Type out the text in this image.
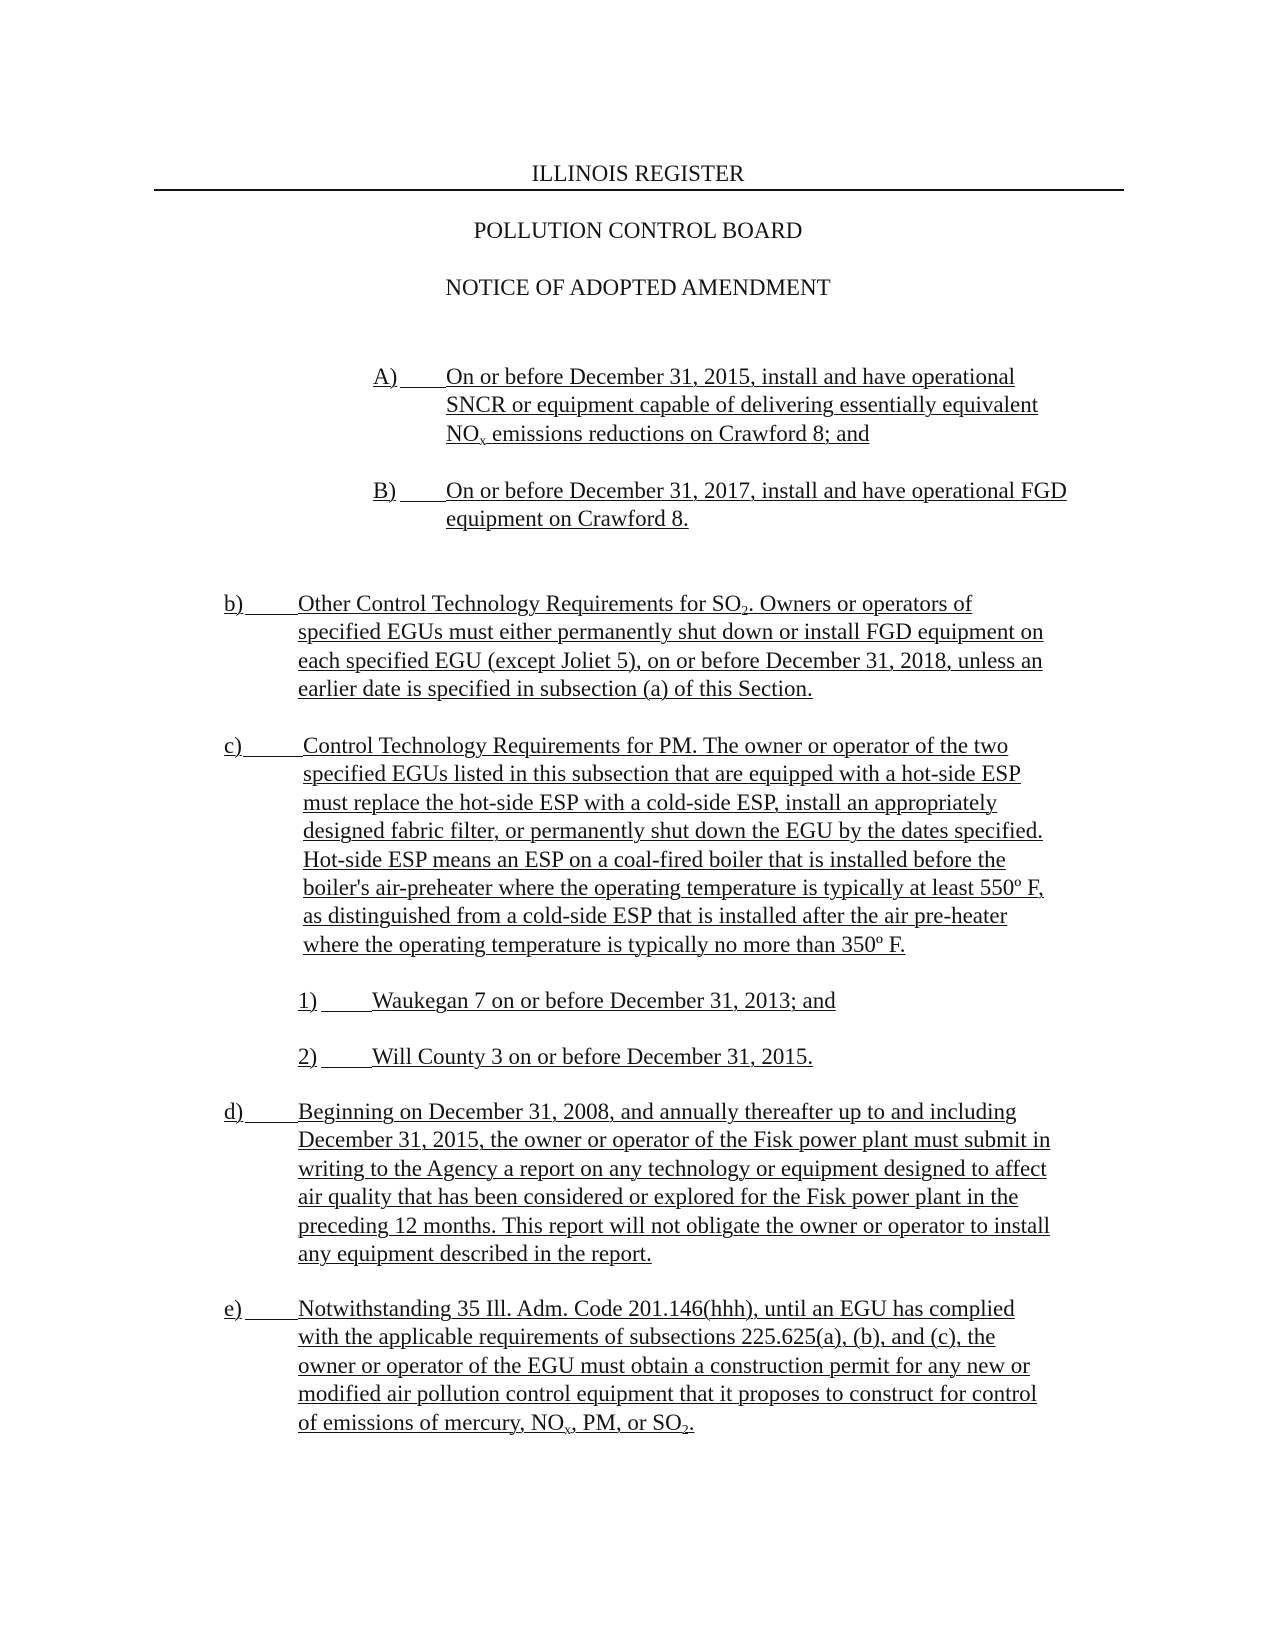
ILLINOIS REGISTER
POLLUTION CONTROL BOARD
NOTICE OF ADOPTED AMENDMENT
A) On or before December 31, 2015, install and have operational
SNCR or equipment capable of delivering essentially equivalent
$NO_x$ emissions reductions on Crawford 8; and
B) On or before December 31, 2017, install and have operational FGD
equipment on Crawford 8.
b) Other Control Technology Requirements for $SO_2$. Owners or operators of
specified EGUs must either permanently shut down or install FGD equipment on
each specified EGU (except Joliet 5), on or before December 31, 2018, unless an
earlier date is specified in subsection (a) of this Section.
c)	Control Technology Requirements for PM. The owner or operator of the two
specified EGUs listed in this subsection that are equipped with a hot-side ESP
must replace the hot-side ESP with a cold-side ESP, install an appropriately
designed fabric filter, or permanently shut down the EGU by the dates specified.
Hot-side ESP means an ESP on a coal-fired boiler that is installed before the
boiler's air-preheater where the operating temperature is typically at least 550º F,
as distinguished from a cold-side ESP that is installed after the air pre-heater
where the operating temperature is typically no more than 350º F.
1) Waukegan 7 on or before December 31, 2013; and
2) Will County 3 on or before December 31, 2015.
d) Beginning on December 31, 2008, and annually thereafter up to and including
December 31, 2015, the owner or operator of the Fisk power plant must submit in
writing to the Agency a report on any technology or equipment designed to affect
air quality that has been considered or explored for the Fisk power plant in the
preceding 12 months. This report will not obligate the owner or operator to install
any equipment described in the report.
e) Notwithstanding 35 Ill. Adm. Code 201.146(hhh), until an EGU has complied
with the applicable requirements of subsections 225.625(a), (b), and (c), the
owner or operator of the EGU must obtain a construction permit for any new or
modified air pollution control equipment that it proposes to construct for control
of emissions of mercury, $NO_x$, PM, or $SO_2$.
